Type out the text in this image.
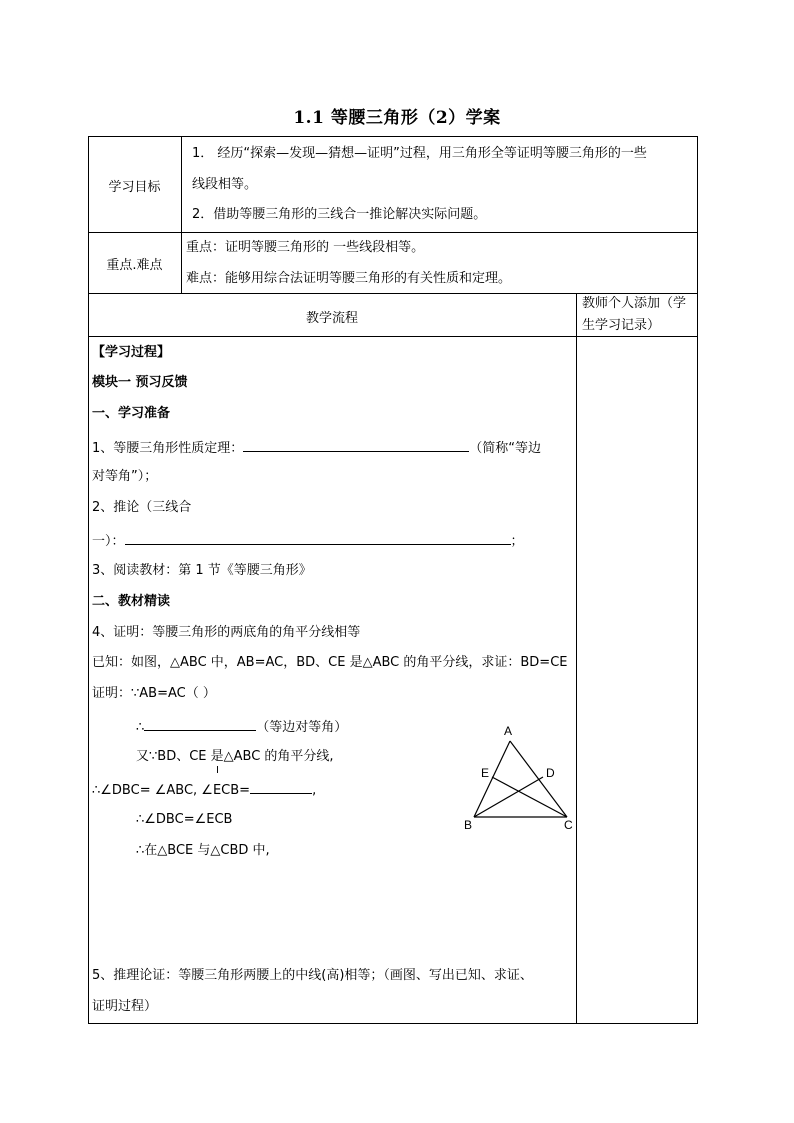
1.1 等腰三角形（2）学案
学习目标
1． 经历“探索—发现—猜想—证明”过程，用三角形全等证明等腰三角形的一些
线段相等。
2．借助等腰三角形的三线合一推论解决实际问题。
重点.难点
重点：证明等腰三角形的 一些线段相等。
难点：能够用综合法证明等腰三角形的有关性质和定理。
教学流程
教师个人添加（学
生学习记录）
【学习过程】
模块一 预习反馈
一、学习准备
1、等腰三角形性质定理：	（简称“等边
对等角”）；
2、推论（三线合
一）：	；
3、阅读教材：第 1 节《等腰三角形》
二、教材精读
4、证明：等腰三角形的两底角的角平分线相等
已知：如图，△ABC 中，AB=AC，BD、CE 是△ABC 的角平分线，求证：BD=CE
证明：∵AB=AC（ ）
∴	（等边对等角）
又∵BD、CE 是△ABC 的角平分线,
I
∴∠DBC= ∠ABC, ∠ECB=	,
∴∠DBC=∠ECB
∴在△BCE 与△CBD 中,
5、推理论证：等腰三角形两腰上的中线(高)相等；（画图、写出已知、求证、
证明过程）
A
B	C
D
E
